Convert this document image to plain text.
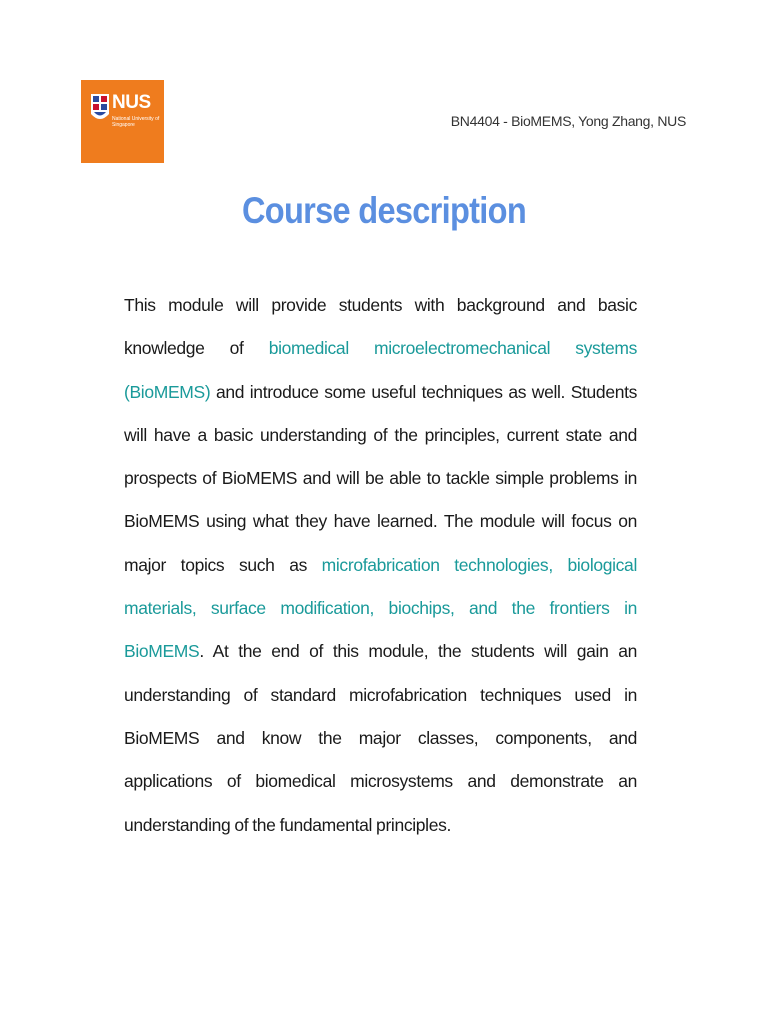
NUS
National University of Singapore	BN4404 - BioMEMS, Yong Zhang, NUS
Course description

This module will provide students with background and basic knowledge of biomedical microelectromechanical systems (BioMEMS) and introduce some useful techniques as well. Students will have a basic understanding of the principles, current state and prospects of BioMEMS and will be able to tackle simple problems in BioMEMS using what they have learned. The module will focus on major topics such as microfabrication technologies, biological materials, surface modification, biochips, and the frontiers in BioMEMS. At the end of this module, the students will gain an understanding of standard microfabrication techniques used in BioMEMS and know the major classes, components, and applications of biomedical microsystems and demonstrate an understanding of the fundamental principles.
